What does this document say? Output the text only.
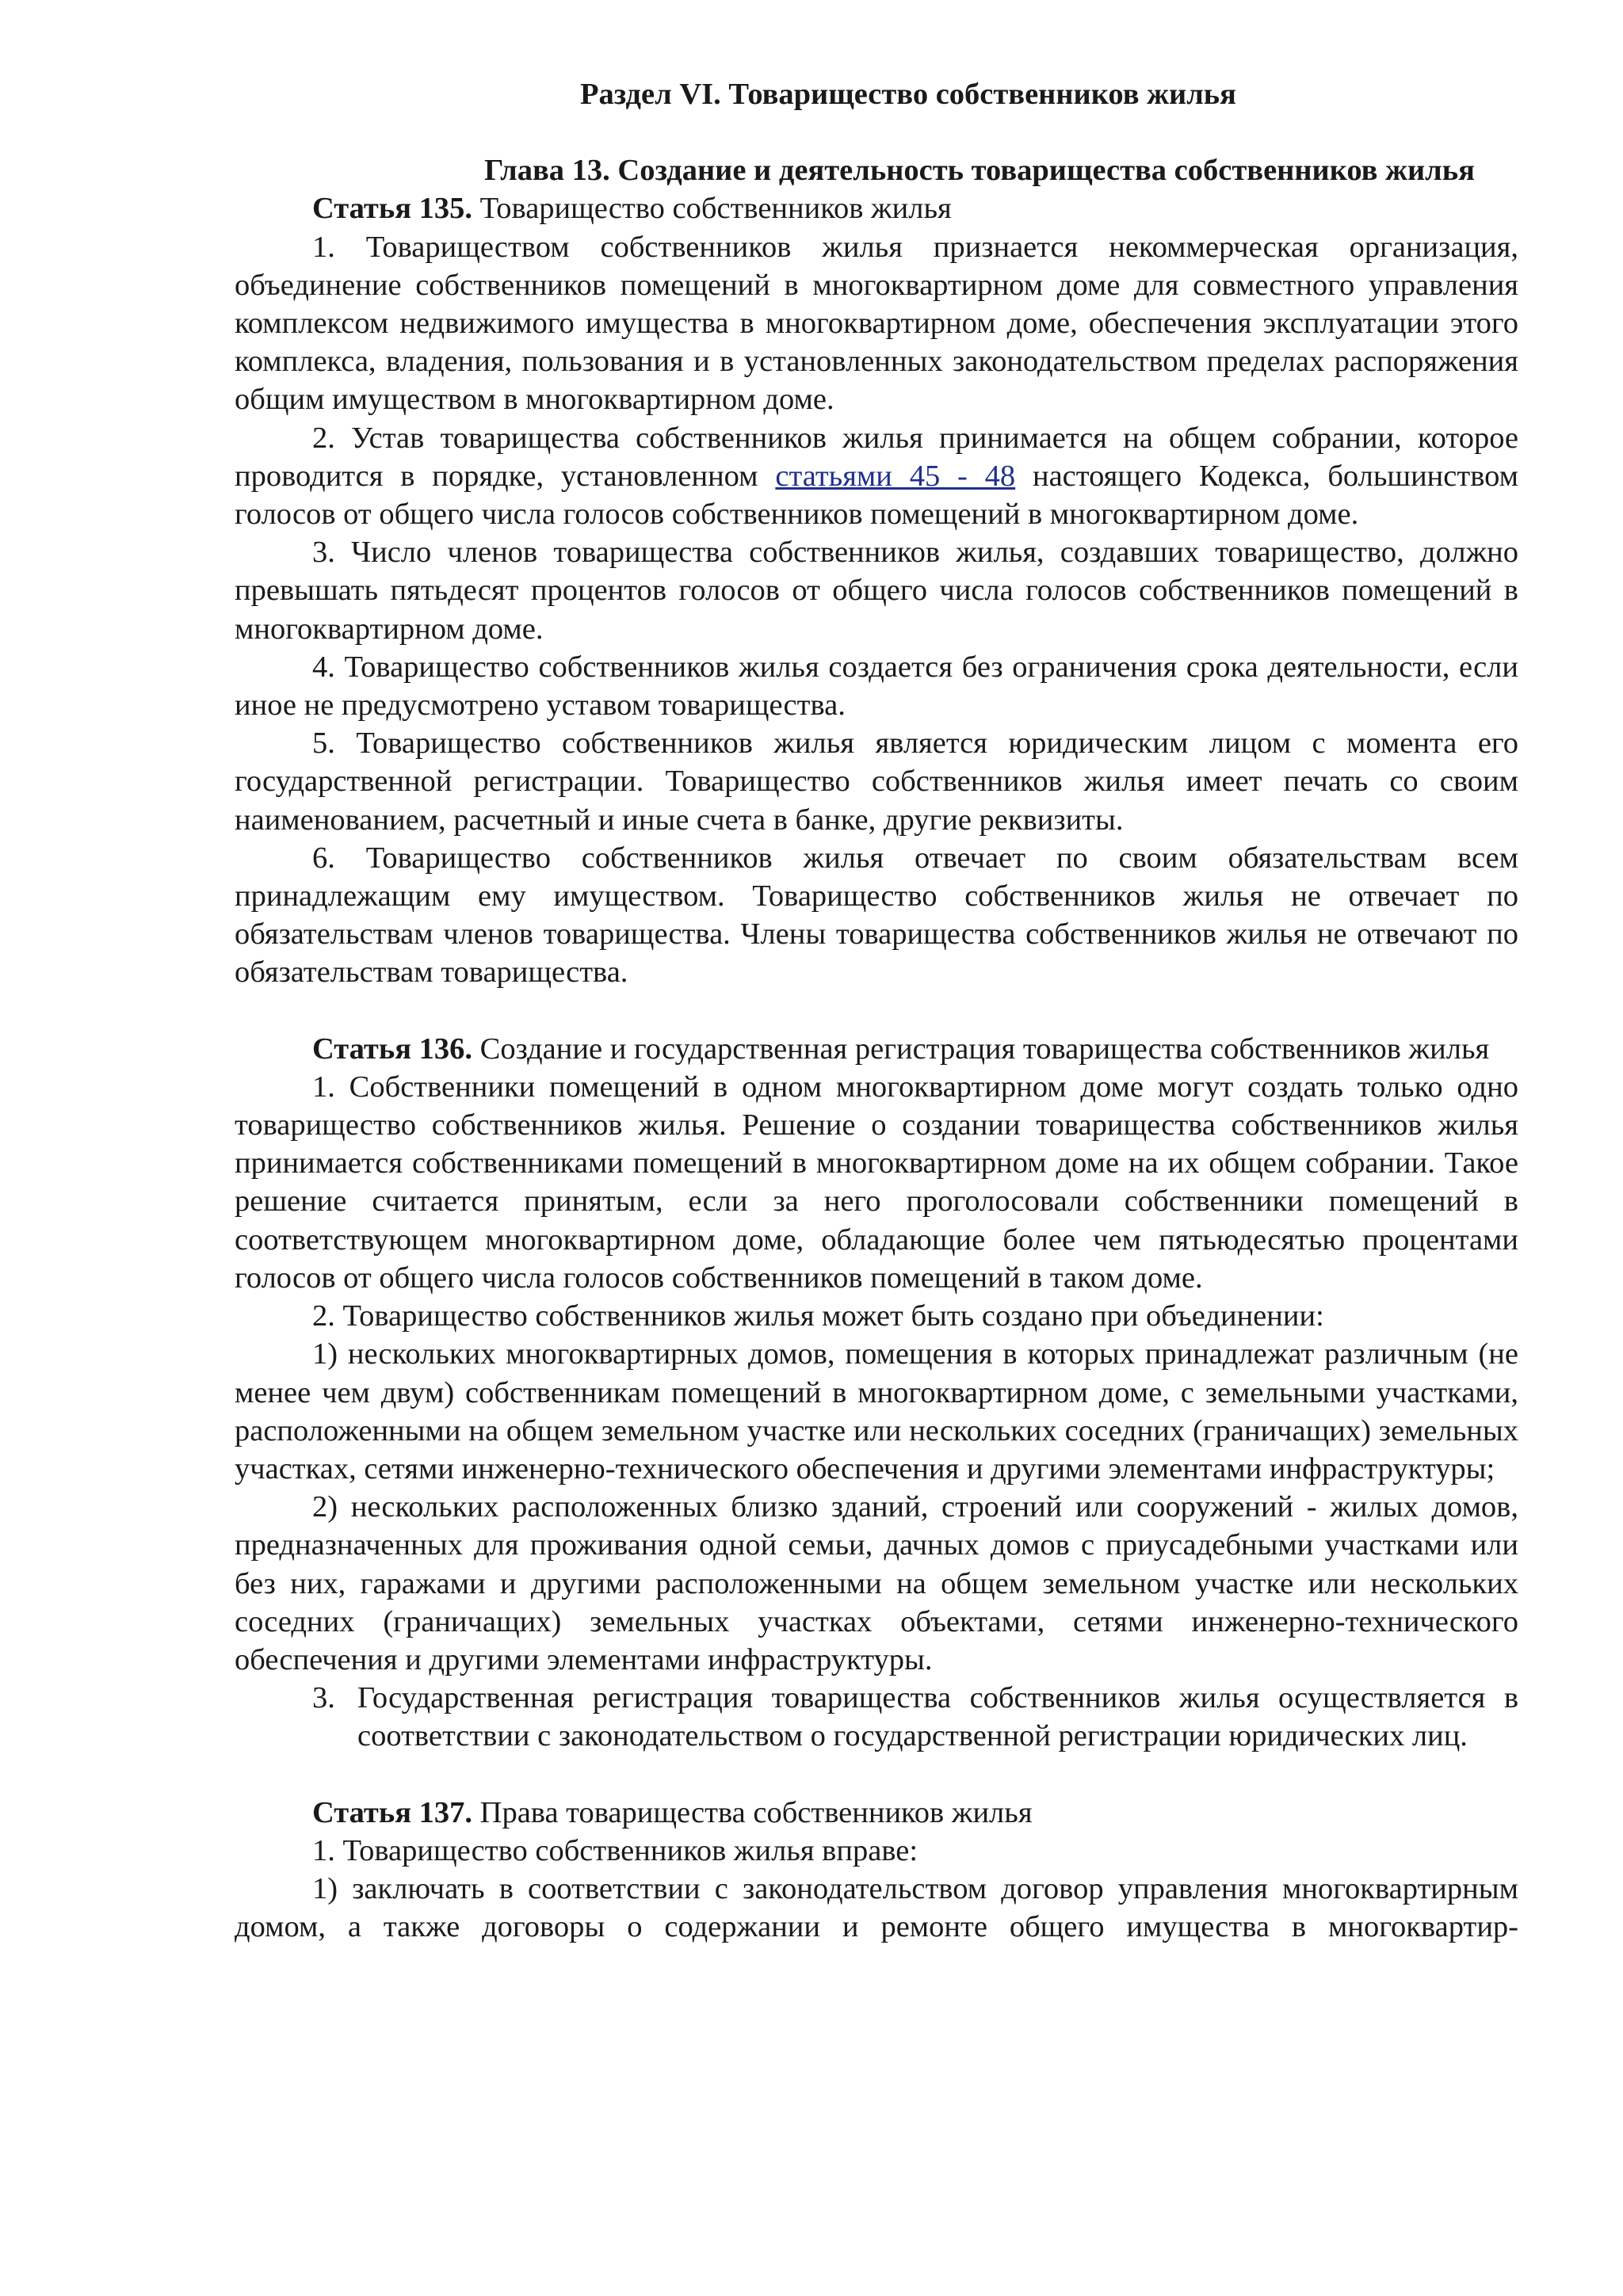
Раздел VI. Товарищество собственников жилья

Глава 13. Создание и деятельность товарищества собственников жилья

Статья 135. Товарищество собственников жилья

1. Товариществом собственников жилья признается некоммерческая организация, объединение собственников помещений в многоквартирном доме для совместного управления комплексом недвижимого имущества в многоквартирном доме, обеспечения эксплуатации этого комплекса, владения, пользования и в установленных законодательством пределах распоряжения общим имуществом в многоквартирном доме.

2. Устав товарищества собственников жилья принимается на общем собрании, которое проводится в порядке, установленном статьями 45 - 48 настоящего Кодекса, большинством голосов от общего числа голосов собственников помещений в многоквартирном доме.

3. Число членов товарищества собственников жилья, создавших товарищество, должно превышать пятьдесят процентов голосов от общего числа голосов собственников помещений в многоквартирном доме.

4. Товарищество собственников жилья создается без ограничения срока деятельности, если иное не предусмотрено уставом товарищества.

5. Товарищество собственников жилья является юридическим лицом с момента его государственной регистрации. Товарищество собственников жилья имеет печать со своим наименованием, расчетный и иные счета в банке, другие реквизиты.

6. Товарищество собственников жилья отвечает по своим обязательствам всем принадлежащим ему имуществом. Товарищество собственников жилья не отвечает по обязательствам членов товарищества. Члены товарищества собственников жилья не отвечают по обязательствам товарищества.

Статья 136. Создание и государственная регистрация товарищества собственников жилья

1. Собственники помещений в одном многоквартирном доме могут создать только одно товарищество собственников жилья. Решение о создании товарищества собственников жилья принимается собственниками помещений в многоквартирном доме на их общем собрании. Такое решение считается принятым, если за него проголосовали собственники помещений в соответствующем многоквартирном доме, обладающие более чем пятьюдесятью процентами голосов от общего числа голосов собственников помещений в таком доме.

2. Товарищество собственников жилья может быть создано при объединении:

1) нескольких многоквартирных домов, помещения в которых принадлежат различным (не менее чем двум) собственникам помещений в многоквартирном доме, с земельными участками, расположенными на общем земельном участке или нескольких соседних (граничащих) земельных участках, сетями инженерно-технического обеспечения и другими элементами инфраструктуры;

2) нескольких расположенных близко зданий, строений или сооружений - жилых домов, предназначенных для проживания одной семьи, дачных домов с приусадебными участками или без них, гаражами и другими расположенными на общем земельном участке или нескольких соседних (граничащих) земельных участках объектами, сетями инженерно-технического обеспечения и другими элементами инфраструктуры.

3. Государственная регистрация товарищества собственников жилья осуществляется в соответствии с законодательством о государственной регистрации юридических лиц.

Статья 137. Права товарищества собственников жилья

1. Товарищество собственников жилья вправе:

1) заключать в соответствии с законодательством договор управления многоквартирным домом, а также договоры о содержании и ремонте общего имущества в многоквартир-
